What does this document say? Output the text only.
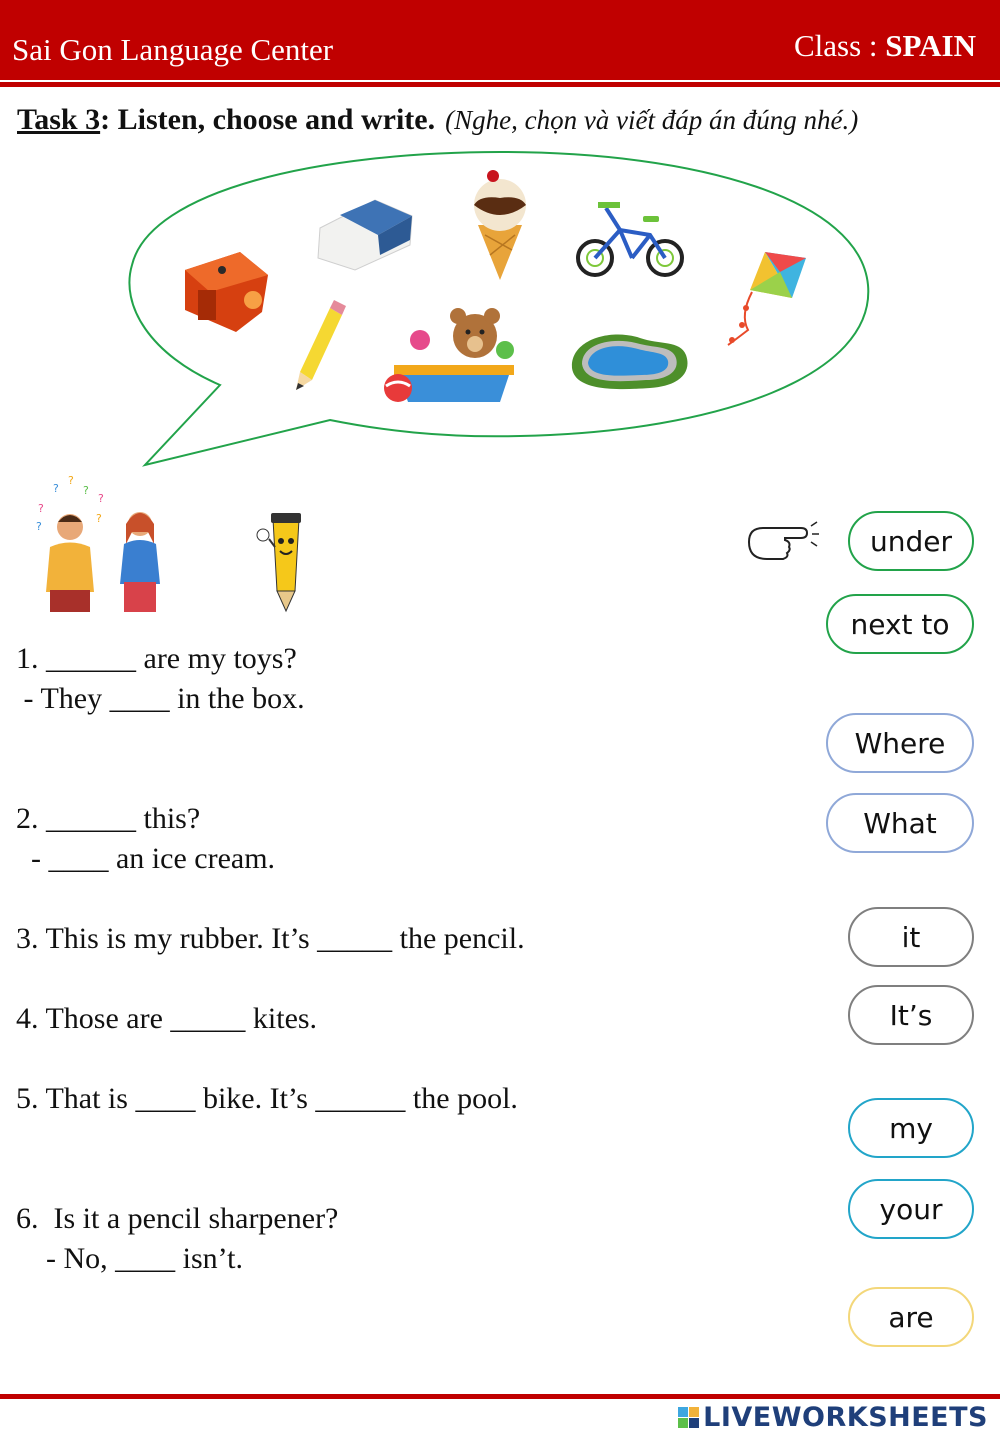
Sai Gon Language Center	Class : SPAIN
Task 3: Listen, choose and write. (Nghe, chọn và viết đáp án đúng nhé.)
?
?
?
?
?
?
?
1. ______ are my toys?
- They ____ in the box.
2. ______ this?
- ____ an ice cream.
3. This is my rubber. It’s _____ the pencil.
4. Those are _____ kites.
5. That is ____ bike. It’s ______ the pool.
6.  Is it a pencil sharpener?
- No, ____ isn’t.
under
next to
Where
What
it
It’s
my
your
are
LIVEWORKSHEETS
